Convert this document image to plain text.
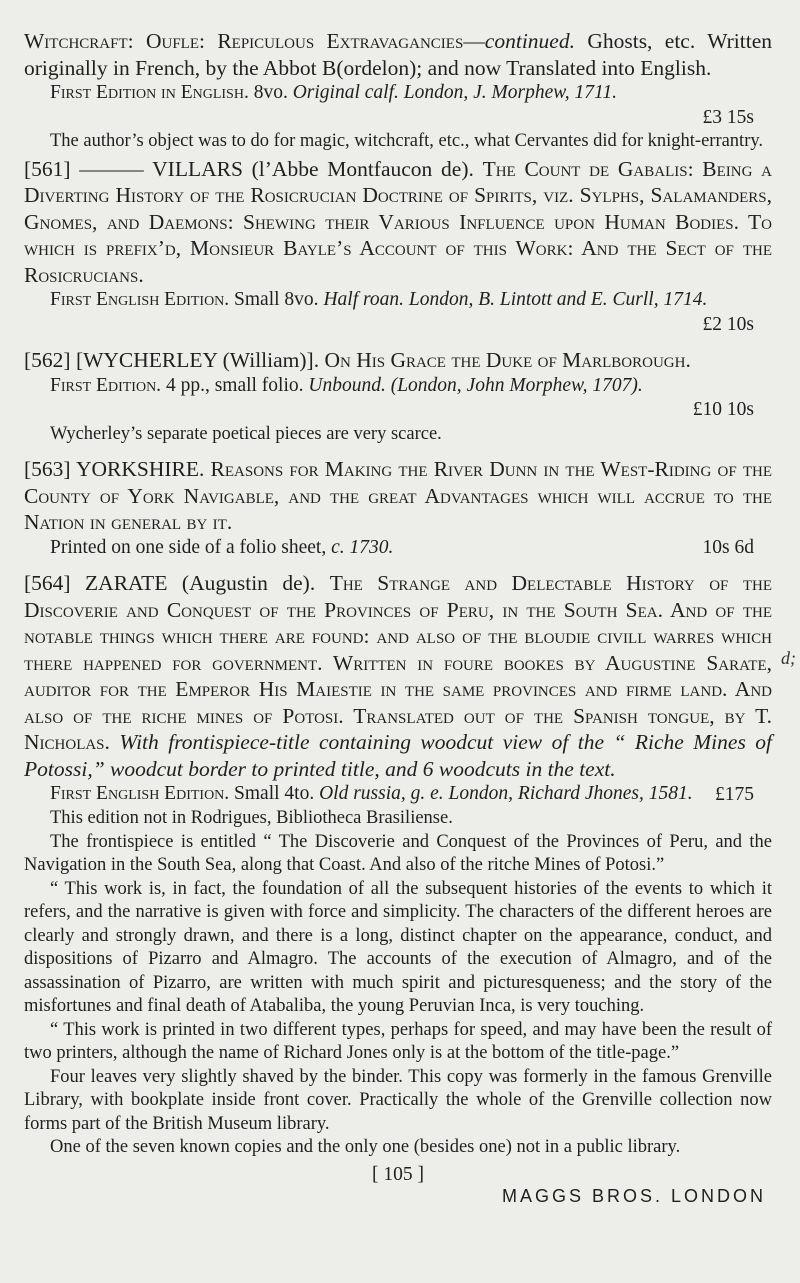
Witchcraft: Oufle: Repiculous Extravagancies—continued. Ghosts, etc. Written originally in French, by the Abbot B(ordelon); and now Translated into English.

First Edition in English. 8vo. Original calf. London, J. Morphew, 1711.

£3 15s

The author’s object was to do for magic, witchcraft, etc., what Cervantes did for knight-errantry.

[561] ——— VILLARS (l’Abbe Montfaucon de). The Count de Gabalis: Being a Diverting History of the Rosicrucian Doctrine of Spirits, viz. Sylphs, Salamanders, Gnomes, and Daemons: Shewing their Various Influence upon Human Bodies. To which is prefix’d, Monsieur Bayle’s Account of this Work: And the Sect of the Rosicrucians.

First English Edition. Small 8vo. Half roan. London, B. Lintott and E. Curll, 1714.

£2 10s

[562] [WYCHERLEY (William)]. On His Grace the Duke of Marlborough.

First Edition. 4 pp., small folio. Unbound. (London, John Morphew, 1707).

£10 10s

Wycherley’s separate poetical pieces are very scarce.

[563] YORKSHIRE. Reasons for Making the River Dunn in the West-Riding of the County of York Navigable, and the great Advantages which will accrue to the Nation in general by it.

Printed on one side of a folio sheet, c. 1730.	10s 6d

[564] ZARATE (Augustin de). The Strange and Delectable History of the Discoverie and Conquest of the Provinces of Peru, in the South Sea. And of the notable things which there are found: and also of the bloudie civill warres which there happened for government. Written in foure bookes by Augustine Sarate, auditor for the Emperor His Maiestie in the same provinces and firme land. And also of the riche mines of Potosi. Translated out of the Spanish tongue, by T. Nicholas. With frontispiece-title containing woodcut view of the “ Riche Mines of Potossi,” woodcut border to printed title, and 6 woodcuts in the text.

First English Edition. Small 4to. Old russia, g. e. London, Richard Jhones, 1581.	£175

This edition not in Rodrigues, Bibliotheca Brasiliense.

The frontispiece is entitled “ The Discoverie and Conquest of the Provinces of Peru, and the Navigation in the South Sea, along that Coast. And also of the ritche Mines of Potosi.”

“ This work is, in fact, the foundation of all the subsequent histories of the events to which it refers, and the narrative is given with force and simplicity. The characters of the different heroes are clearly and strongly drawn, and there is a long, distinct chapter on the appearance, conduct, and dispositions of Pizarro and Almagro. The accounts of the execution of Almagro, and of the assassination of Pizarro, are written with much spirit and picturesqueness; and the story of the misfortunes and final death of Atabaliba, the young Peruvian Inca, is very touching.

“ This work is printed in two different types, perhaps for speed, and may have been the result of two printers, although the name of Richard Jones only is at the bottom of the title-page.”

Four leaves very slightly shaved by the binder. This copy was formerly in the famous Grenville Library, with bookplate inside front cover. Practically the whole of the Grenville collection now forms part of the British Museum library.

One of the seven known copies and the only one (besides one) not in a public library.

[ 105 ]
MAGGS BROS. LONDON
d;
